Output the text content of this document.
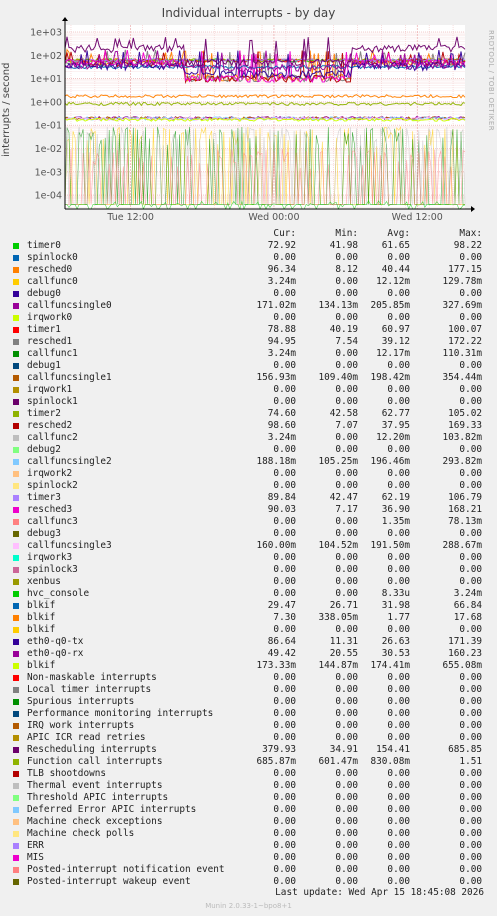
Individual interrupts - by day
RRDTOOL / TOBI OETIKER
interrupts / second
1e+03
1e+02
1e+01
1e+00
1e-01
1e-02
1e-03
1e-04
Tue 12:00	Wed 00:00	Wed 12:00
Cur:	Min:	Avg:	Max:
timer0	72.92	41.98	61.65	98.22
spinlock0	0.00	0.00	0.00	0.00
resched0	96.34	8.12	40.44	177.15
callfunc0	3.24m	0.00	12.12m	129.78m
debug0	0.00	0.00	0.00	0.00
callfuncsingle0	171.02m	134.13m	205.85m	327.69m
irqwork0	0.00	0.00	0.00	0.00
timer1	78.88	40.19	60.97	100.07
resched1	94.95	7.54	39.12	172.22
callfunc1	3.24m	0.00	12.17m	110.31m
debug1	0.00	0.00	0.00	0.00
callfuncsingle1	156.93m	109.40m	198.42m	354.44m
irqwork1	0.00	0.00	0.00	0.00
spinlock1	0.00	0.00	0.00	0.00
timer2	74.60	42.58	62.77	105.02
resched2	98.60	7.07	37.95	169.33
callfunc2	3.24m	0.00	12.20m	103.82m
debug2	0.00	0.00	0.00	0.00
callfuncsingle2	188.18m	105.25m	196.46m	293.82m
irqwork2	0.00	0.00	0.00	0.00
spinlock2	0.00	0.00	0.00	0.00
timer3	89.84	42.47	62.19	106.79
resched3	90.03	7.17	36.90	168.21
callfunc3	0.00	0.00	1.35m	78.13m
debug3	0.00	0.00	0.00	0.00
callfuncsingle3	160.00m	104.52m	191.50m	288.67m
irqwork3	0.00	0.00	0.00	0.00
spinlock3	0.00	0.00	0.00	0.00
xenbus	0.00	0.00	0.00	0.00
hvc_console	0.00	0.00	8.33u	3.24m
blkif	29.47	26.71	31.98	66.84
blkif	7.30	338.05m	1.77	17.68
blkif	0.00	0.00	0.00	0.00
eth0-q0-tx	86.64	11.31	26.63	171.39
eth0-q0-rx	49.42	20.55	30.53	160.23
blkif	173.33m	144.87m	174.41m	655.08m
Non-maskable interrupts	0.00	0.00	0.00	0.00
Local timer interrupts	0.00	0.00	0.00	0.00
Spurious interrupts	0.00	0.00	0.00	0.00
Performance monitoring interrupts	0.00	0.00	0.00	0.00
IRQ work interrupts	0.00	0.00	0.00	0.00
APIC ICR read retries	0.00	0.00	0.00	0.00
Rescheduling interrupts	379.93	34.91	154.41	685.85
Function call interrupts	685.87m	601.47m	830.08m	1.51
TLB shootdowns	0.00	0.00	0.00	0.00
Thermal event interrupts	0.00	0.00	0.00	0.00
Threshold APIC interrupts	0.00	0.00	0.00	0.00
Deferred Error APIC interrupts	0.00	0.00	0.00	0.00
Machine check exceptions	0.00	0.00	0.00	0.00
Machine check polls	0.00	0.00	0.00	0.00
ERR	0.00	0.00	0.00	0.00
MIS	0.00	0.00	0.00	0.00
Posted-interrupt notification event	0.00	0.00	0.00	0.00
Posted-interrupt wakeup event	0.00	0.00	0.00	0.00
Last update: Wed Apr 15 18:45:08 2026
Munin 2.0.33-1~bpo8+1
